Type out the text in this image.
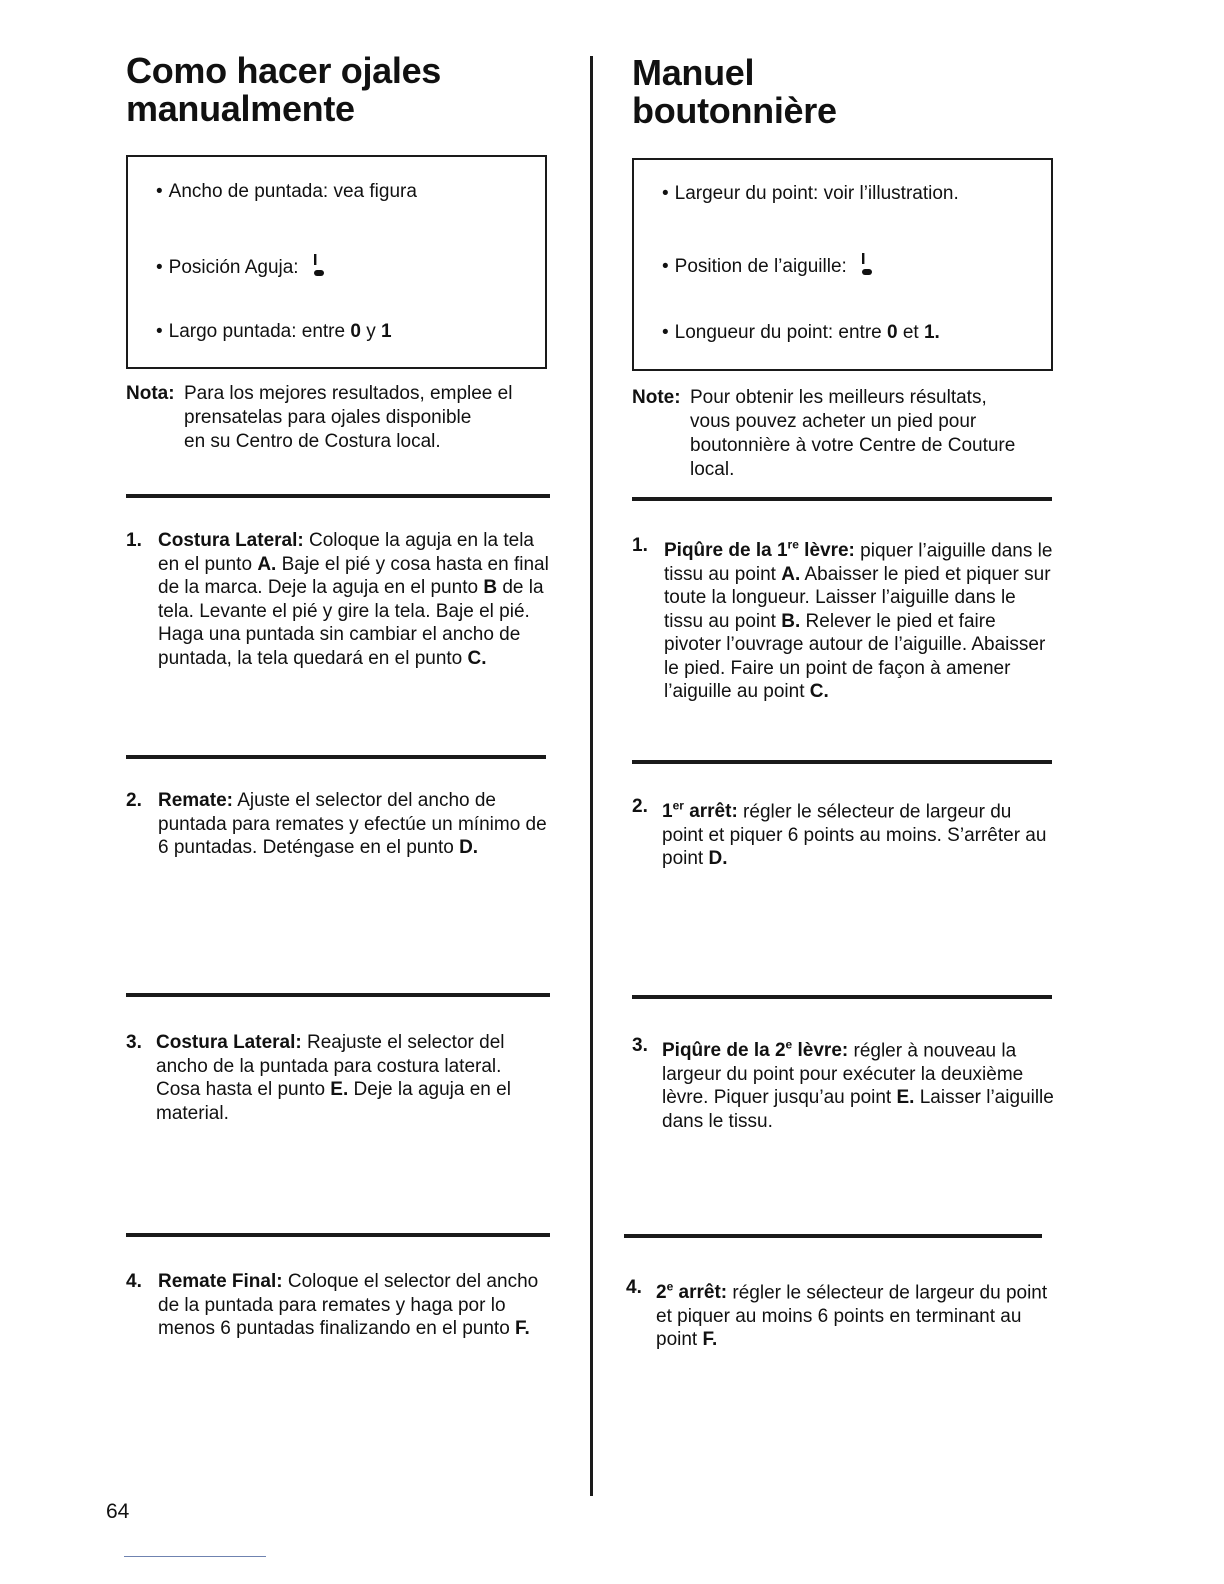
Como hacer ojales
manualmente
• Ancho de puntada: vea figura
• Posición Aguja:
• Largo puntada: entre 0 y 1
Nota: Para los mejores resultados, emplee el
prensatelas para ojales disponible
en su Centro de Costura local.
1. Costura Lateral: Coloque la aguja en la tela en el punto A. Baje el pié y cosa hasta en final de la marca. Deje la aguja en el punto B de la tela. Levante el pié y gire la tela. Baje el pié. Haga una puntada sin cambiar el ancho de puntada, la tela quedará en el punto C.
2. Remate: Ajuste el selector del ancho de puntada para remates y efectúe un mínimo de 6 puntadas. Deténgase en el punto D.
3. Costura Lateral: Reajuste el selector del ancho de la puntada para costura lateral. Cosa hasta el punto E. Deje la aguja en el material.
4. Remate Final: Coloque el selector del ancho de la puntada para remates y haga por lo menos 6 puntadas finalizando en el punto F.
Manuel
boutonnière
• Largeur du point: voir l’illustration.
• Position de l’aiguille:
• Longueur du point: entre 0 et 1.
Note: Pour obtenir les meilleurs résultats,
vous pouvez acheter un pied pour
boutonnière à votre Centre de Couture
local.
1. Piqûre de la 1re lèvre: piquer l’aiguille dans le tissu au point A. Abaisser le pied et piquer sur toute la longueur. Laisser l’aiguille dans le tissu au point B. Relever le pied et faire pivoter l’ouvrage autour de l’aiguille. Abaisser le pied. Faire un point de façon à amener l’aiguille au point C.
2. 1er arrêt: régler le sélecteur de largeur du point et piquer 6 points au moins. S’arrêter au point D.
3. Piqûre de la 2e lèvre: régler à nouveau la largeur du point pour exécuter la deuxième lèvre. Piquer jusqu’au point E. Laisser l’aiguille dans le tissu.
4. 2e arrêt: régler le sélecteur de largeur du point et piquer au moins 6 points en terminant au point F.
64
